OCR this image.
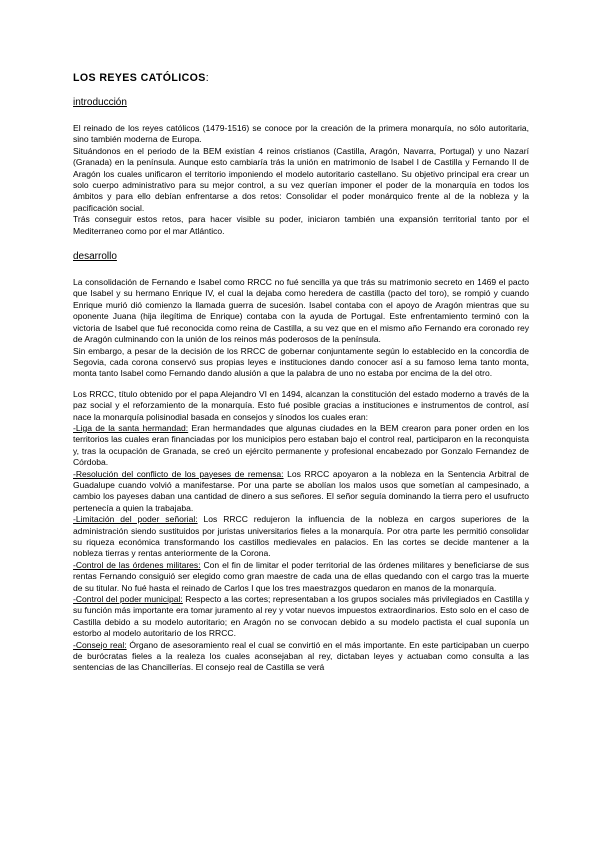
LOS REYES CATÓLICOS:
introducción

El reinado de los reyes católicos (1479-1516) se conoce por la creación de la primera monarquía, no sólo autoritaria, sino también moderna de Europa.

Situándonos en el periodo de la BEM existían 4 reinos cristianos (Castilla, Aragón, Navarra, Portugal) y uno Nazarí (Granada) en la península. Aunque esto cambiaría trás la unión en matrimonio de Isabel I de Castilla y Fernando II de Aragón los cuales unificaron el territorio imponiendo el modelo autoritario castellano. Su objetivo principal era crear un solo cuerpo administrativo para su mejor control, a su vez querían imponer el poder de la monarquía en todos los ámbitos y para ello debían enfrentarse a dos retos: Consolidar el poder monárquico frente al de la nobleza y la pacificación social.

Trás conseguir estos retos, para hacer visible su poder, iniciaron también una expansión territorial tanto por el Mediterraneo como por el mar Atlántico.

desarrollo

La consolidación de Fernando e Isabel como RRCC no fué sencilla ya que trás su matrimonio secreto en 1469 el pacto que Isabel y su hermano Enrique IV, el cual la dejaba como heredera de castilla (pacto del toro), se rompió y cuando Enrique murió dió comienzo la llamada guerra de sucesión. Isabel contaba con el apoyo de Aragón mientras que su oponente Juana (hija ilegítima de Enrique) contaba con la ayuda de Portugal. Este enfrentamiento terminó con la victoria de Isabel que fué reconocida como reina de Castilla, a su vez que en el mismo año Fernando era coronado rey de Aragón culminando con la unión de los reinos más poderosos de la península.

Sin embargo, a pesar de la decisión de los RRCC de gobernar conjuntamente según lo establecido en la concordia de Segovia, cada corona conservó sus propias leyes e instituciones dando conocer así a su famoso lema tanto monta, monta tanto Isabel como Fernando dando alusión a que la palabra de uno no estaba por encima de la del otro.

Los RRCC, título obtenido por el papa Alejandro VI en 1494, alcanzan la constitución del estado moderno a través de la paz social y el reforzamiento de la monarquía. Esto fué posible gracias a instituciones e instrumentos de control, así nace la monarquía polisinodial basada en consejos y sínodos los cuales eran:

-Liga de la santa hermandad: Eran hermandades que algunas ciudades en la BEM crearon para poner orden en los territorios las cuales eran financiadas por los municipios pero estaban bajo el control real, participaron en la reconquista y, tras la ocupación de Granada, se creó un ejército permanente y profesional encabezado por Gonzalo Fernandez de Córdoba.

-Resolución del conflicto de los payeses de remensa: Los RRCC apoyaron a la nobleza en la Sentencia Arbitral de Guadalupe cuando volvió a manifestarse. Por una parte se abolían los malos usos que sometían al campesinado, a cambio los payeses daban una cantidad de dinero a sus señores. El señor seguía dominando la tierra pero el usufructo pertenecía a quien la trabajaba.

-Limitación del poder señorial: Los RRCC redujeron la influencia de la nobleza en cargos superiores de la administración siendo sustituidos por juristas universitarios fieles a la monarquía. Por otra parte les permitió consolidar su riqueza económica transformando los castillos medievales en palacios. En las cortes se decide mantener a la nobleza tierras y rentas anteriormente de la Corona.

-Control de las órdenes militares: Con el fin de limitar el poder territorial de las órdenes militares y beneficiarse de sus rentas Fernando consiguió ser elegido como gran maestre de cada una de ellas quedando con el cargo tras la muerte de su titular. No fué hasta el reinado de Carlos I que los tres maestrazgos quedaron en manos de la monarquía.

-Control del poder municipal: Respecto a las cortes; representaban a los grupos sociales más privilegiados en Castilla y su función más importante era tomar juramento al rey y votar nuevos impuestos extraordinarios. Esto solo en el caso de Castilla debido a su modelo autoritario; en Aragón no se convocan debido a su modelo pactista el cual suponía un estorbo al modelo autoritario de los RRCC.

-Consejo real: Órgano de asesoramiento real el cual se convirtió en el más importante. En este participaban un cuerpo de burócratas fieles a la realeza los cuales aconsejaban al rey, dictaban leyes y actuaban como consulta a las sentencias de las Chancillerías. El consejo real de Castilla se verá
